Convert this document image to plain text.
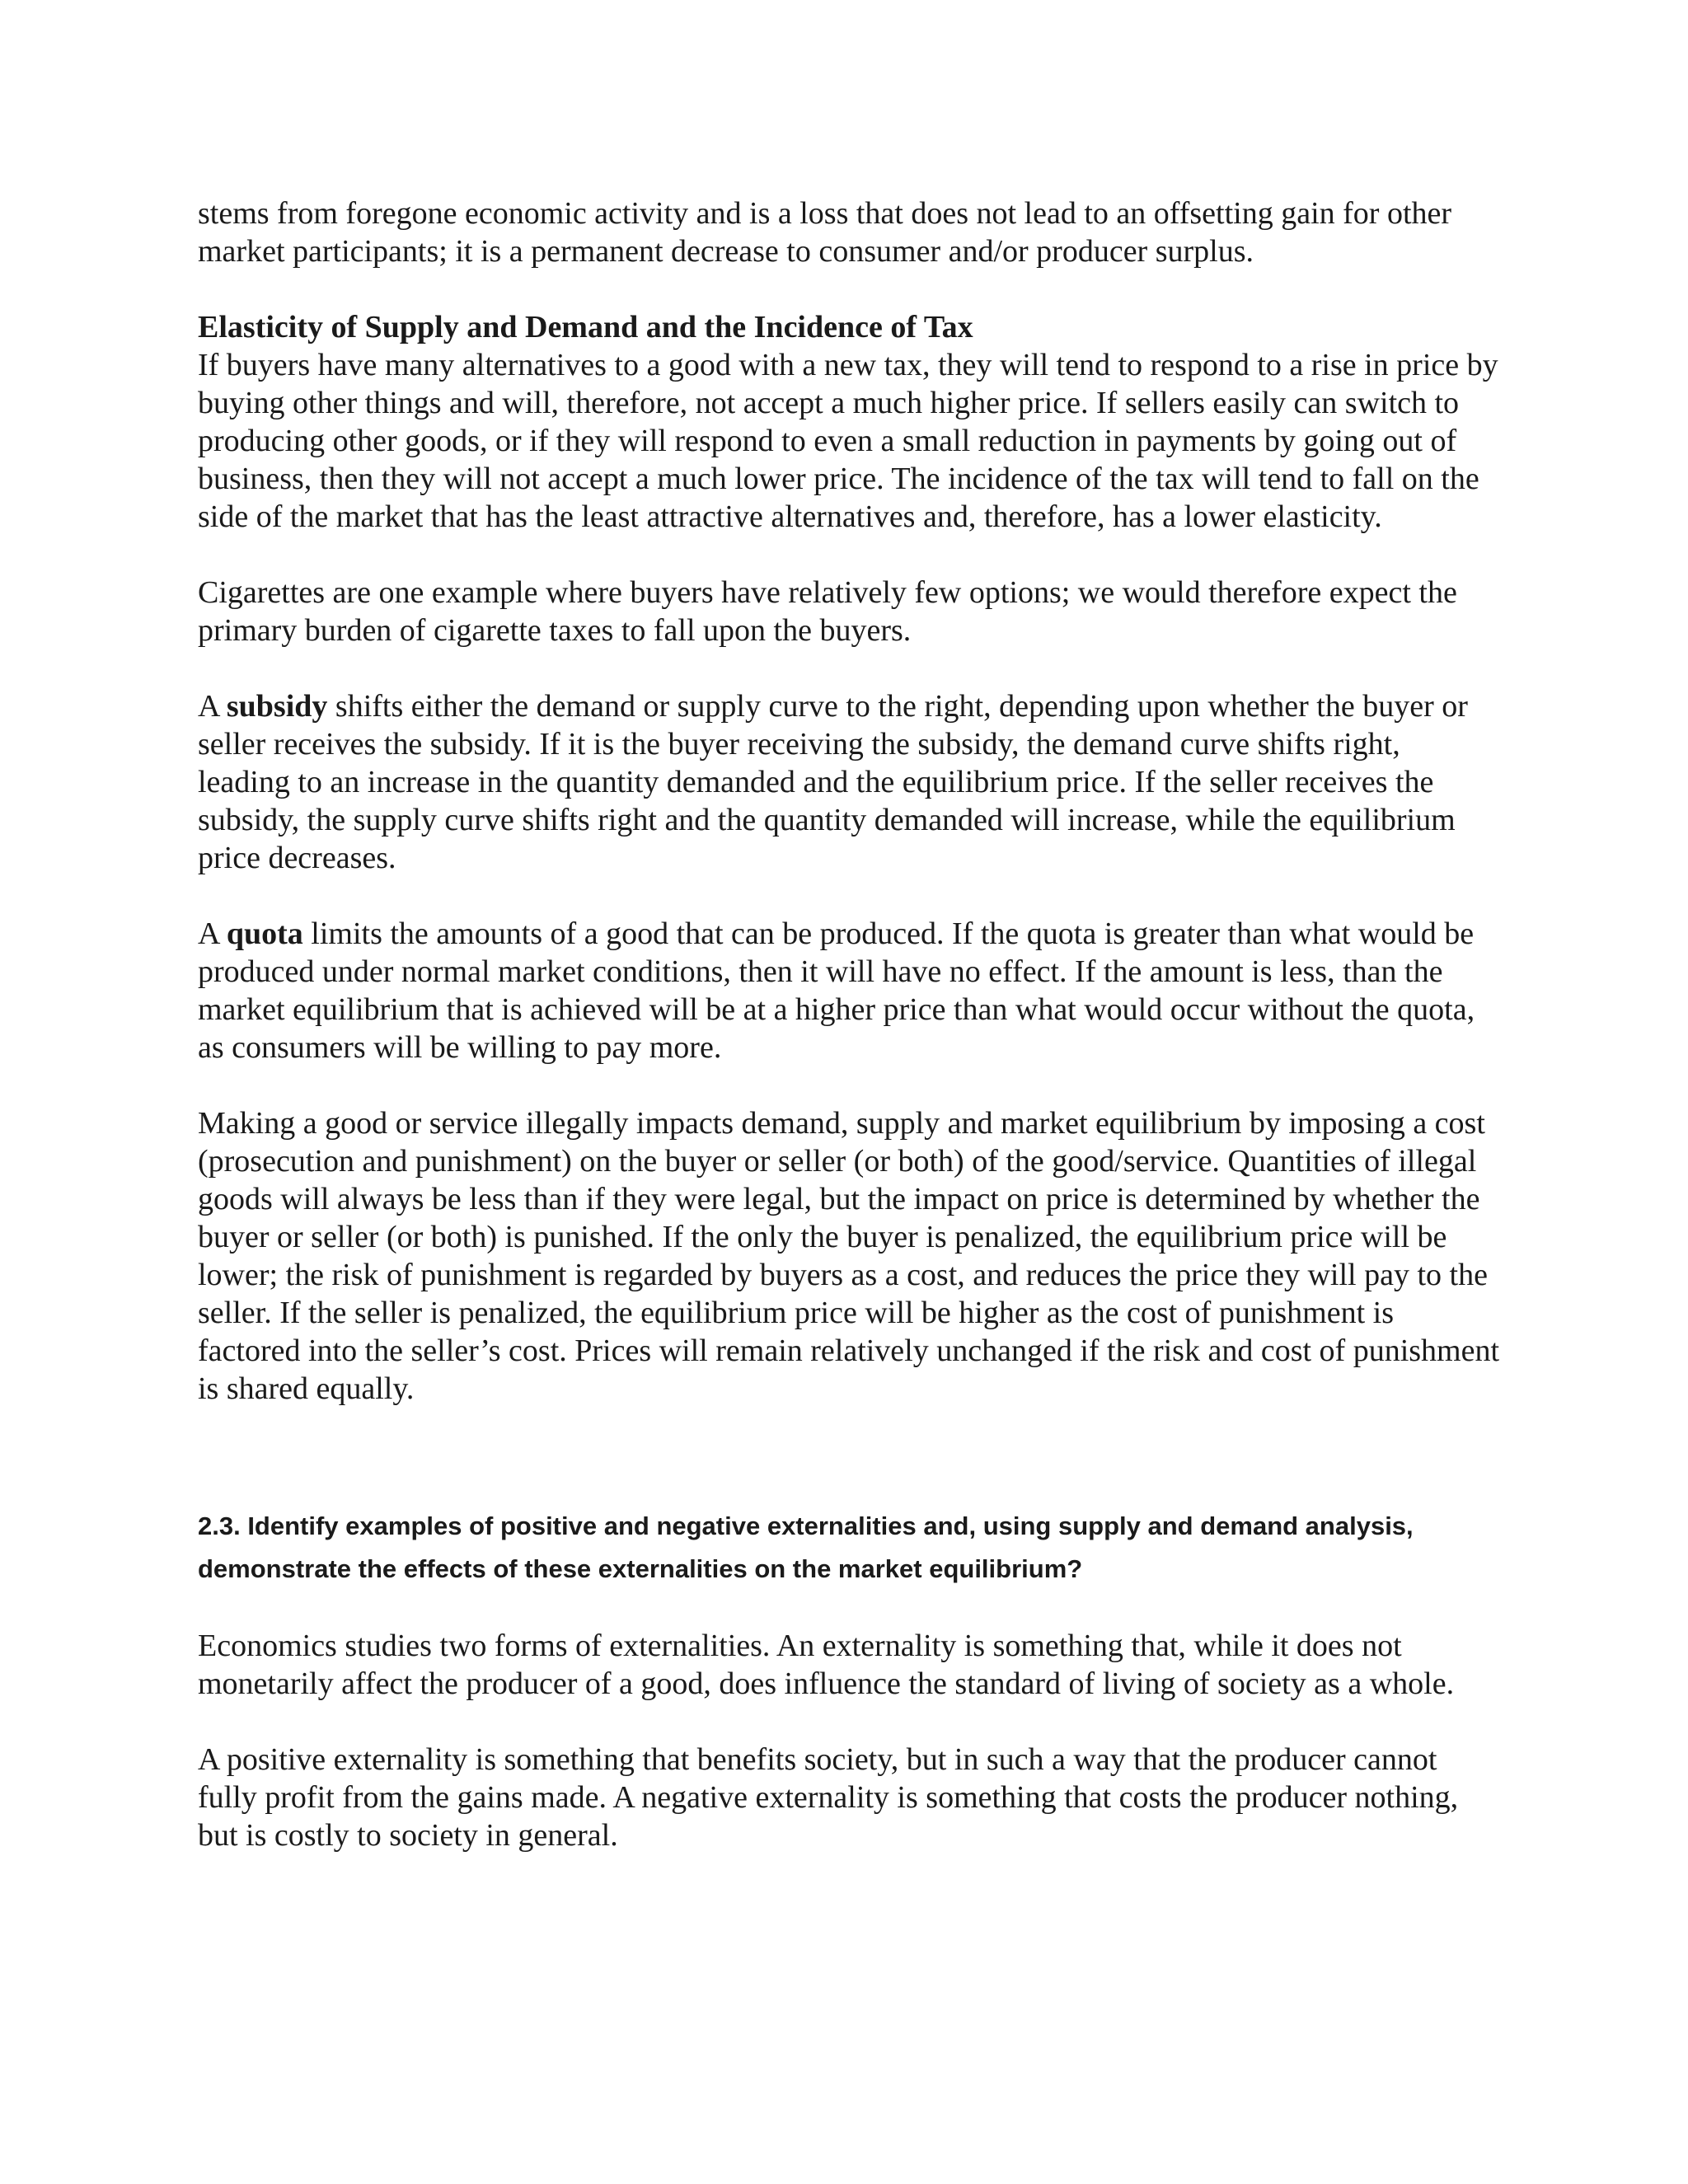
stems from foregone economic activity and is a loss that does not lead to an offsetting gain for other market participants; it is a permanent decrease to consumer and/or producer surplus.

Elasticity of Supply and Demand and the Incidence of Tax
If buyers have many alternatives to a good with a new tax, they will tend to respond to a rise in price by buying other things and will, therefore, not accept a much higher price. If sellers easily can switch to producing other goods, or if they will respond to even a small reduction in payments by going out of business, then they will not accept a much lower price. The incidence of the tax will tend to fall on the side of the market that has the least attractive alternatives and, therefore, has a lower elasticity.

Cigarettes are one example where buyers have relatively few options; we would therefore expect the primary burden of cigarette taxes to fall upon the buyers.

A subsidy shifts either the demand or supply curve to the right, depending upon whether the buyer or seller receives the subsidy. If it is the buyer receiving the subsidy, the demand curve shifts right, leading to an increase in the quantity demanded and the equilibrium price. If the seller receives the subsidy, the supply curve shifts right and the quantity demanded will increase, while the equilibrium price decreases.

A quota limits the amounts of a good that can be produced. If the quota is greater than what would be produced under normal market conditions, then it will have no effect. If the amount is less, than the market equilibrium that is achieved will be at a higher price than what would occur without the quota, as consumers will be willing to pay more.

Making a good or service illegally impacts demand, supply and market equilibrium by imposing a cost (prosecution and punishment) on the buyer or seller (or both) of the good/service. Quantities of illegal goods will always be less than if they were legal, but the impact on price is determined by whether the buyer or seller (or both) is punished. If the only the buyer is penalized, the equilibrium price will be lower; the risk of punishment is regarded by buyers as a cost, and reduces the price they will pay to the seller. If the seller is penalized, the equilibrium price will be higher as the cost of punishment is factored into the seller’s cost. Prices will remain relatively unchanged if the risk and cost of punishment is shared equally.

2.3. Identify examples of positive and negative externalities and, using supply and demand analysis, demonstrate the effects of these externalities on the market equilibrium?

Economics studies two forms of externalities. An externality is something that, while it does not monetarily affect the producer of a good, does influence the standard of living of society as a whole.

A positive externality is something that benefits society, but in such a way that the producer cannot fully profit from the gains made. A negative externality is something that costs the producer nothing, but is costly to society in general.
